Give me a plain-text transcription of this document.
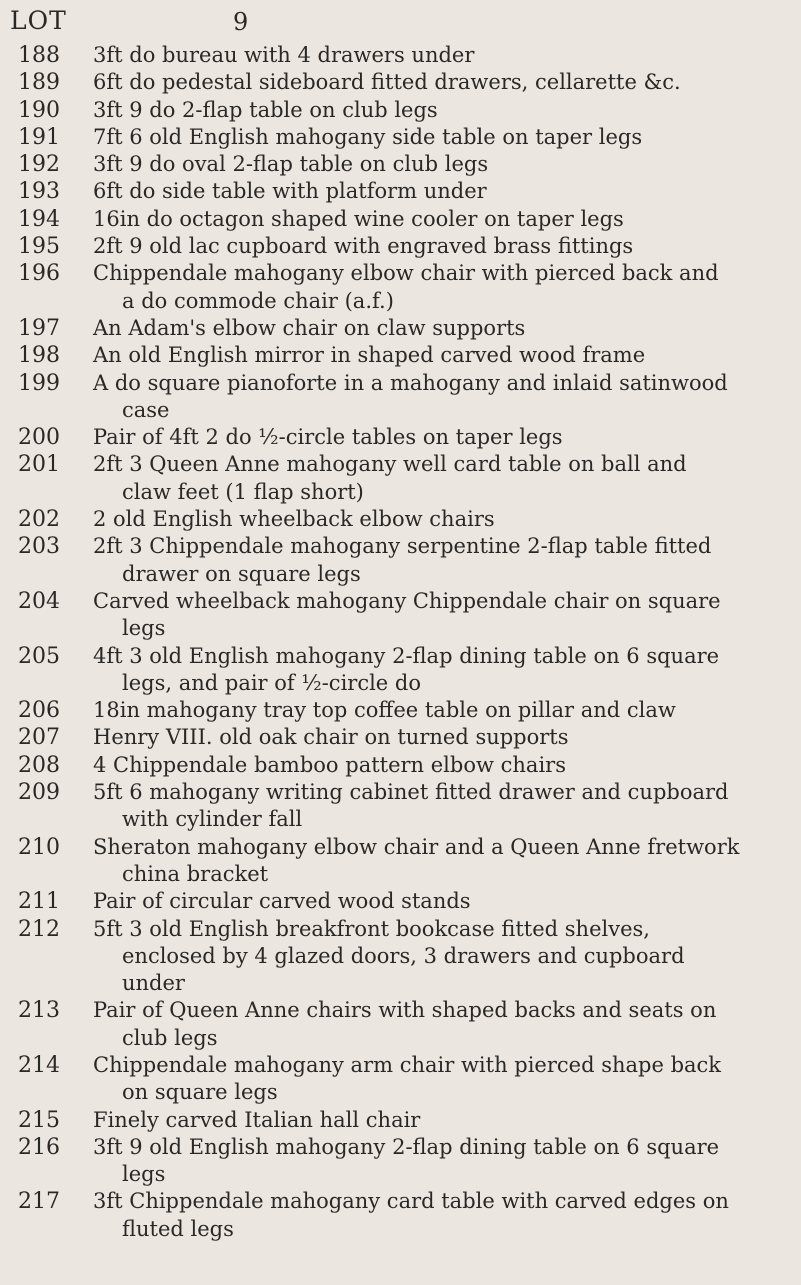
LOT	9
188	3ft do bureau with 4 drawers under
189	6ft do pedestal sideboard fitted drawers, cellarette &c.
190	3ft 9 do 2-flap table on club legs
191	7ft 6 old English mahogany side table on taper legs
192	3ft 9 do oval 2-flap table on club legs
193	6ft do side table with platform under
194	16in do octagon shaped wine cooler on taper legs
195	2ft 9 old lac cupboard with engraved brass fittings
196	Chippendale mahogany elbow chair with pierced back and
a do commode chair (a.f.)
197	An Adam's elbow chair on claw supports
198	An old English mirror in shaped carved wood frame
199	A do square pianoforte in a mahogany and inlaid satinwood
case
200	Pair of 4ft 2 do ½-circle tables on taper legs
201	2ft 3 Queen Anne mahogany well card table on ball and
claw feet (1 flap short)
202	2 old English wheelback elbow chairs
203	2ft 3 Chippendale mahogany serpentine 2-flap table fitted
drawer on square legs
204	Carved wheelback mahogany Chippendale chair on square
legs
205	4ft 3 old English mahogany 2-flap dining table on 6 square
legs, and pair of ½-circle do
206	18in mahogany tray top coffee table on pillar and claw
207	Henry VIII. old oak chair on turned supports
208	4 Chippendale bamboo pattern elbow chairs
209	5ft 6 mahogany writing cabinet fitted drawer and cupboard
with cylinder fall
210	Sheraton mahogany elbow chair and a Queen Anne fretwork
china bracket
211	Pair of circular carved wood stands
212	5ft 3 old English breakfront bookcase fitted shelves,
enclosed by 4 glazed doors, 3 drawers and cupboard
under
213	Pair of Queen Anne chairs with shaped backs and seats on
club legs
214	Chippendale mahogany arm chair with pierced shape back
on square legs
215	Finely carved Italian hall chair
216	3ft 9 old English mahogany 2-flap dining table on 6 square
legs
217	3ft Chippendale mahogany card table with carved edges on
fluted legs
